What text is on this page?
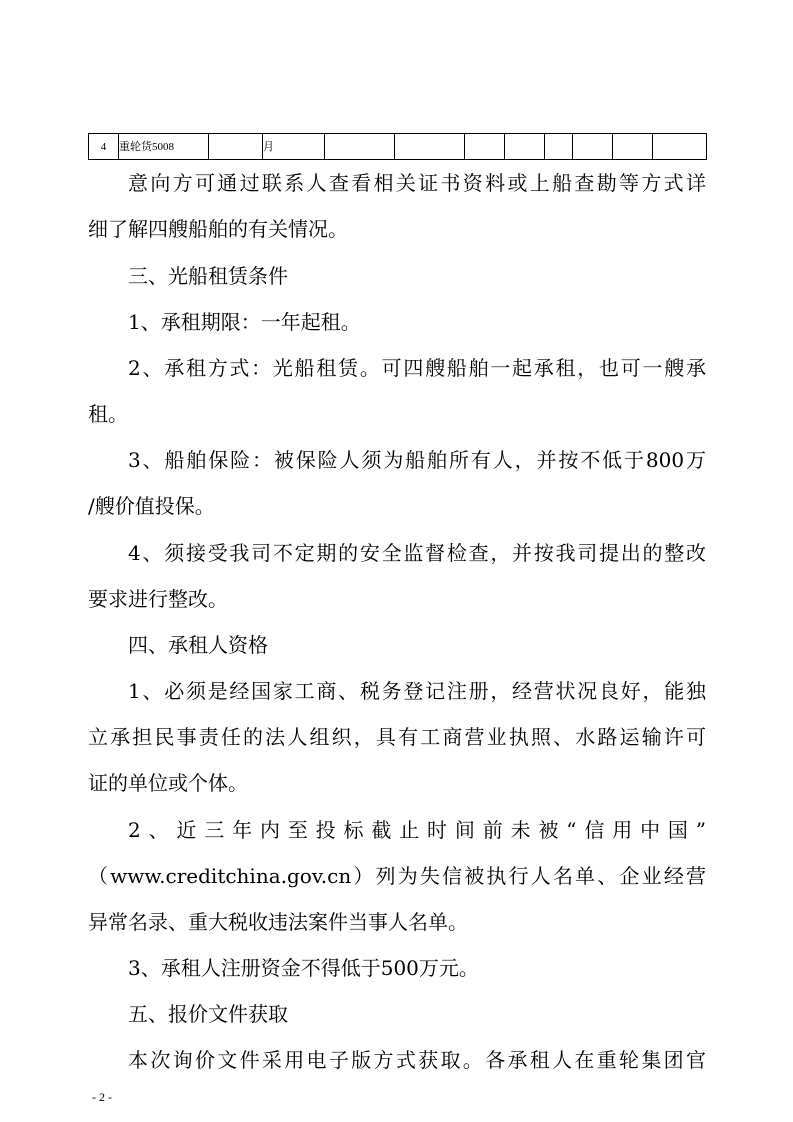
4	重轮货5008		月								
意向方可通过联系人查看相关证书资料或上船查勘等方式详
细了解四艘船舶的有关情况。
三、光船租赁条件
1、承租期限：一年起租。
2、承租方式：光船租赁。可四艘船舶一起承租，也可一艘承
租。
3、船舶保险：被保险人须为船舶所有人，并按不低于800万
/艘价值投保。
4、须接受我司不定期的安全监督检查，并按我司提出的整改
要求进行整改。
四、承租人资格
1、必须是经国家工商、税务登记注册，经营状况良好，能独
立承担民事责任的法人组织，具有工商营业执照、水路运输许可
证的单位或个体。
2、近三年内至投标截止时间前未被“信用中国”
（www.creditchina.gov.cn）列为失信被执行人名单、企业经营
异常名录、重大税收违法案件当事人名单。
3、承租人注册资金不得低于500万元。
五、报价文件获取
本次询价文件采用电子版方式获取。各承租人在重轮集团官
- 2 -
